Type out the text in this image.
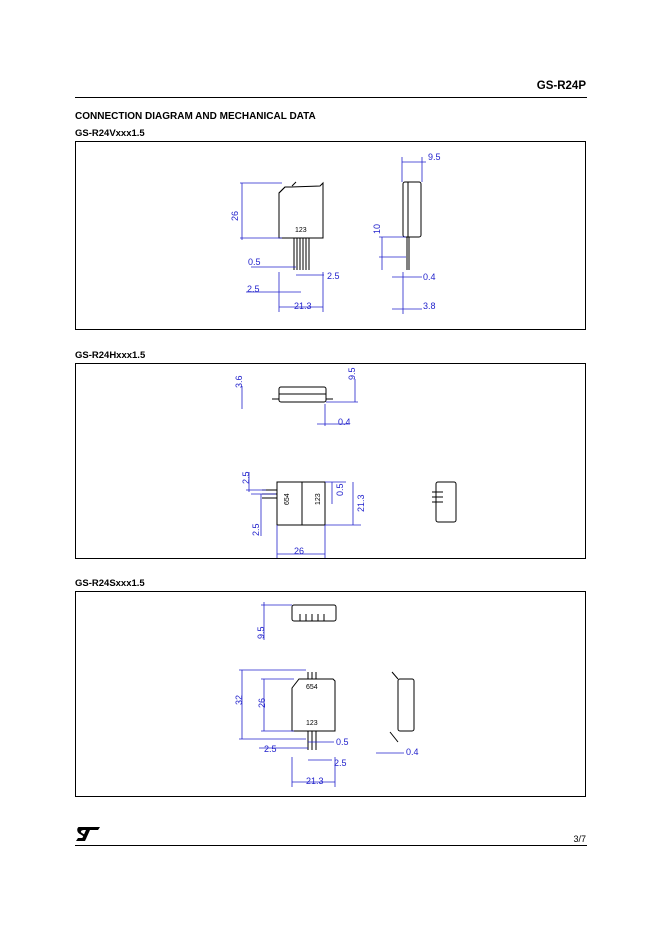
GS-R24P
CONNECTION DIAGRAM AND MECHANICAL DATA
GS-R24Vxxx1.5
123
26
0.5
2.5
2.5
21.3
9.5
10
0.4
3.8
GS-R24Hxxx1.5
654	123
3.6
9.5
0.4
2.5
2.5
0.5
21.3
26
GS-R24Sxxx1.5
654
123
9.5
32 26
2.5
0.5
2.5
21.3
0.4
3/7
